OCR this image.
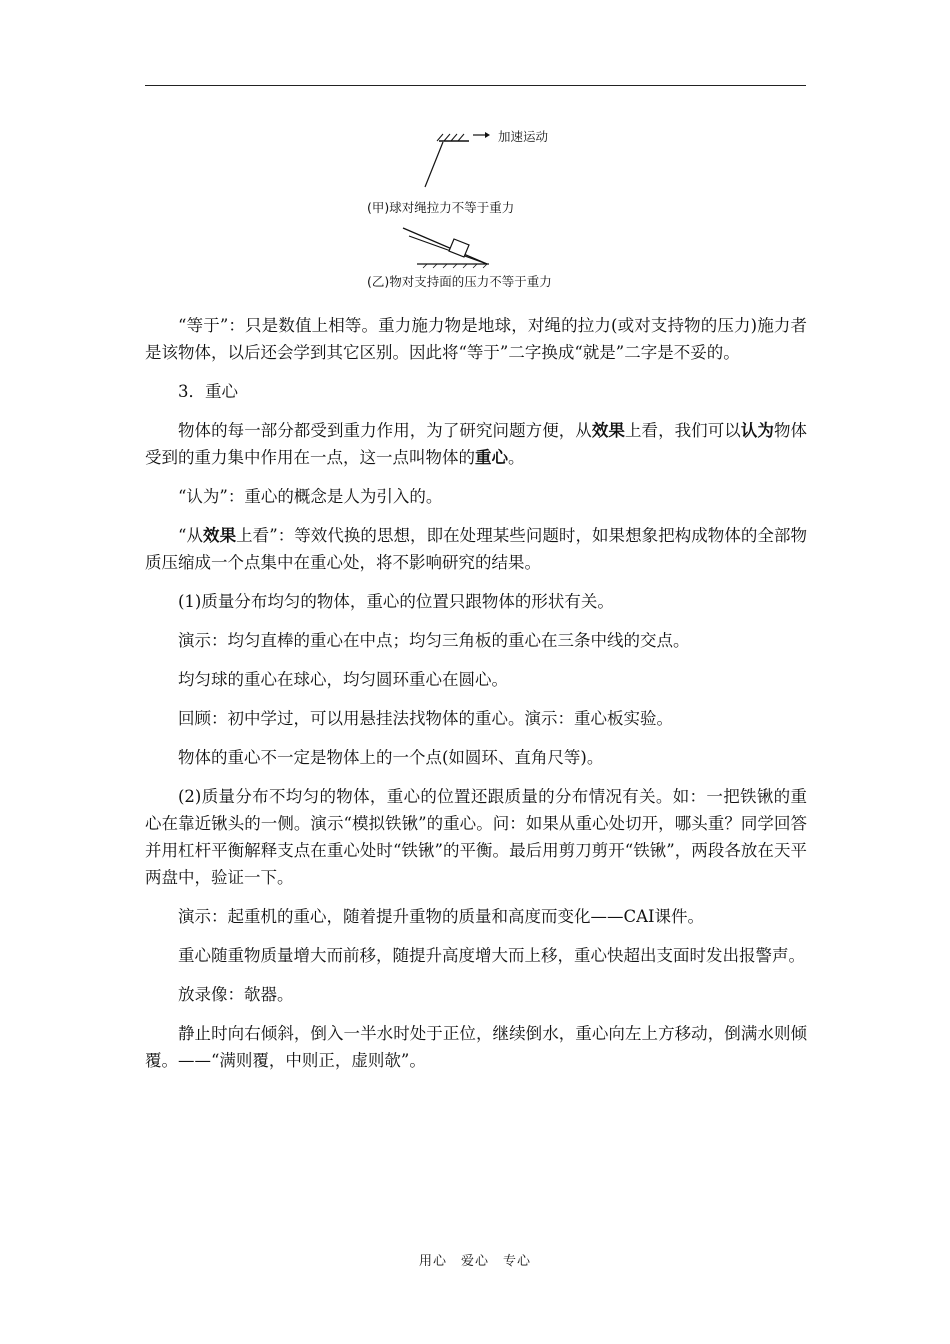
加速运动
(甲)球对绳拉力不等于重力
(乙)物对支持面的压力不等于重力

“等于”：只是数值上相等。重力施力物是地球，对绳的拉力(或对支持物的压力)施力者是该物体，以后还会学到其它区别。因此将“等于”二字换成“就是”二字是不妥的。

3．重心

物体的每一部分都受到重力作用，为了研究问题方便，从效果上看，我们可以认为物体受到的重力集中作用在一点，这一点叫物体的重心。

“认为”：重心的概念是人为引入的。

“从效果上看”：等效代换的思想，即在处理某些问题时，如果想象把构成物体的全部物质压缩成一个点集中在重心处，将不影响研究的结果。

(1)质量分布均匀的物体，重心的位置只跟物体的形状有关。

演示：均匀直棒的重心在中点；均匀三角板的重心在三条中线的交点。

均匀球的重心在球心，均匀圆环重心在圆心。

回顾：初中学过，可以用悬挂法找物体的重心。演示：重心板实验。

物体的重心不一定是物体上的一个点(如圆环、直角尺等)。

(2)质量分布不均匀的物体，重心的位置还跟质量的分布情况有关。如：一把铁锹的重心在靠近锹头的一侧。演示“模拟铁锹”的重心。问：如果从重心处切开，哪头重？同学回答并用杠杆平衡解释支点在重心处时“铁锹”的平衡。最后用剪刀剪开“铁锹”，两段各放在天平两盘中，验证一下。

演示：起重机的重心，随着提升重物的质量和高度而变化——CAI课件。

重心随重物质量增大而前移，随提升高度增大而上移，重心快超出支面时发出报警声。

放录像：欹器。

静止时向右倾斜，倒入一半水时处于正位，继续倒水，重心向左上方移动，倒满水则倾覆。——“满则覆，中则正，虚则欹”。

用心　爱心　专心
